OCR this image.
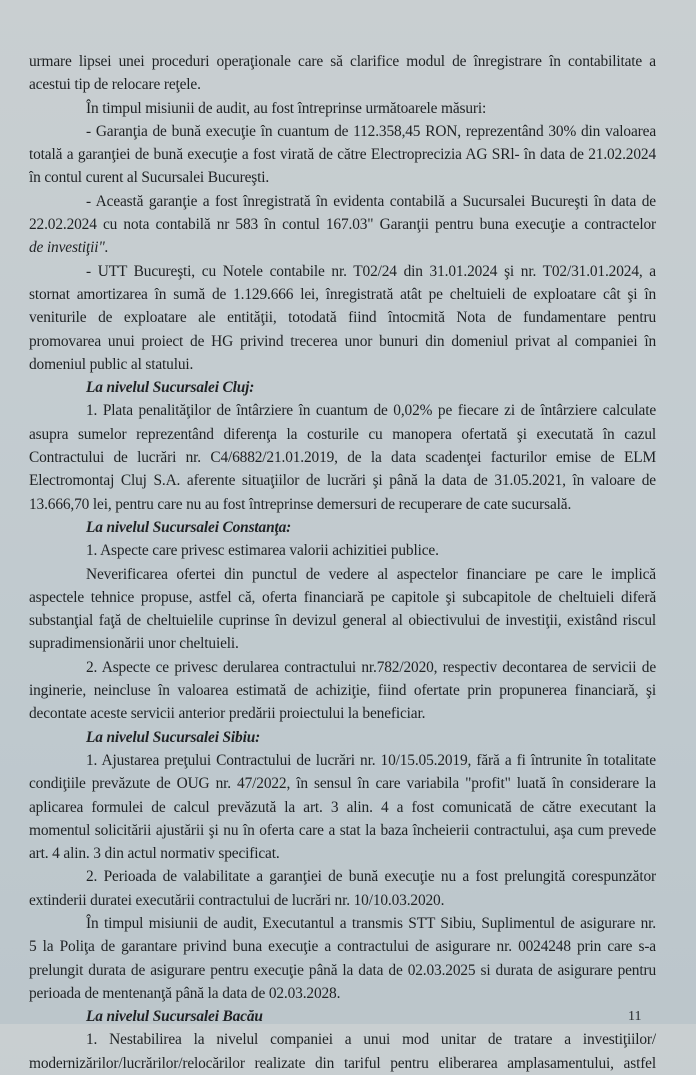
urmare lipsei unei proceduri operaţionale care să clarifice modul de înregistrare în contabilitate a
acestui tip de relocare reţele.
În timpul misiunii de audit, au fost întreprinse următoarele măsuri:
- Garanţia de bună execuţie în cuantum de 112.358,45 RON, reprezentând 30% din valoarea
totală a garanţiei de bună execuţie a fost virată de către Electroprecizia AG SRl- în data de 21.02.2024
în contul curent al Sucursalei Bucureşti.
- Această garanţie a fost înregistrată în evidenta contabilă a Sucursalei Bucureşti în data de
22.02.2024 cu nota contabilă nr 583 în contul 167.03" Garanţii pentru buna execuţie a contractelor
de investiţii".
- UTT Bucureşti, cu Notele contabile nr. T02/24 din 31.01.2024 şi nr. T02/31.01.2024, a
stornat amortizarea în sumă de 1.129.666 lei, înregistrată atât pe cheltuieli de exploatare cât şi în
veniturile de exploatare ale entităţii, totodată fiind întocmită Nota de fundamentare pentru
promovarea unui proiect de HG privind trecerea unor bunuri din domeniul privat al companiei în
domeniul public al statului.
La nivelul Sucursalei Cluj:
1. Plata penalităţilor de întârziere în cuantum de 0,02% pe fiecare zi de întârziere calculate
asupra sumelor reprezentând diferenţa la costurile cu manopera ofertată şi executată în cazul
Contractului de lucrări nr. C4/6882/21.01.2019, de la data scadenţei facturilor emise de ELM
Electromontaj Cluj S.A. aferente situaţiilor de lucrări şi până la data de 31.05.2021, în valoare de
13.666,70 lei, pentru care nu au fost întreprinse demersuri de recuperare de cate sucursală.
La nivelul Sucursalei Constanţa:
1. Aspecte care privesc estimarea valorii achizitiei publice.
Neverificarea ofertei din punctul de vedere al aspectelor financiare pe care le implică
aspectele tehnice propuse, astfel că, oferta financiară pe capitole şi subcapitole de cheltuieli diferă
substanţial faţă de cheltuielile cuprinse în devizul general al obiectivului de investiţii, existând riscul
supradimensionării unor cheltuieli.
2. Aspecte ce privesc derularea contractului nr.782/2020, respectiv decontarea de servicii de
inginerie, neincluse în valoarea estimată de achiziţie, fiind ofertate prin propunerea financiară, şi
decontate aceste servicii anterior predării proiectului la beneficiar.
La nivelul Sucursalei Sibiu:
1. Ajustarea preţului Contractului de lucrări nr. 10/15.05.2019, fără a fi întrunite în totalitate
condiţiile prevăzute de OUG nr. 47/2022, în sensul în care variabila "profit" luată în considerare la
aplicarea formulei de calcul prevăzută la art. 3 alin. 4 a fost comunicată de către executant la
momentul solicitării ajustării şi nu în oferta care a stat la baza încheierii contractului, aşa cum prevede
art. 4 alin. 3 din actul normativ specificat.
2. Perioada de valabilitate a garanţiei de bună execuţie nu a fost prelungită corespunzător
extinderii duratei executării contractului de lucrări nr. 10/10.03.2020.
În timpul misiunii de audit, Executantul a transmis STT Sibiu, Suplimentul de asigurare nr.
5 la Poliţa de garantare privind buna execuţie a contractului de asigurare nr. 0024248 prin care s-a
prelungit durata de asigurare pentru execuţie până la data de 02.03.2025 si durata de asigurare pentru
perioada de mentenanţă până la data de 02.03.2028.
La nivelul Sucursalei Bacău
1. Nestabilirea la nivelul companiei a unui mod unitar de tratare a investiţiilor/
modernizărilor/lucrărilor/relocărilor realizate din tariful pentru eliberarea amplasamentului, astfel
11
